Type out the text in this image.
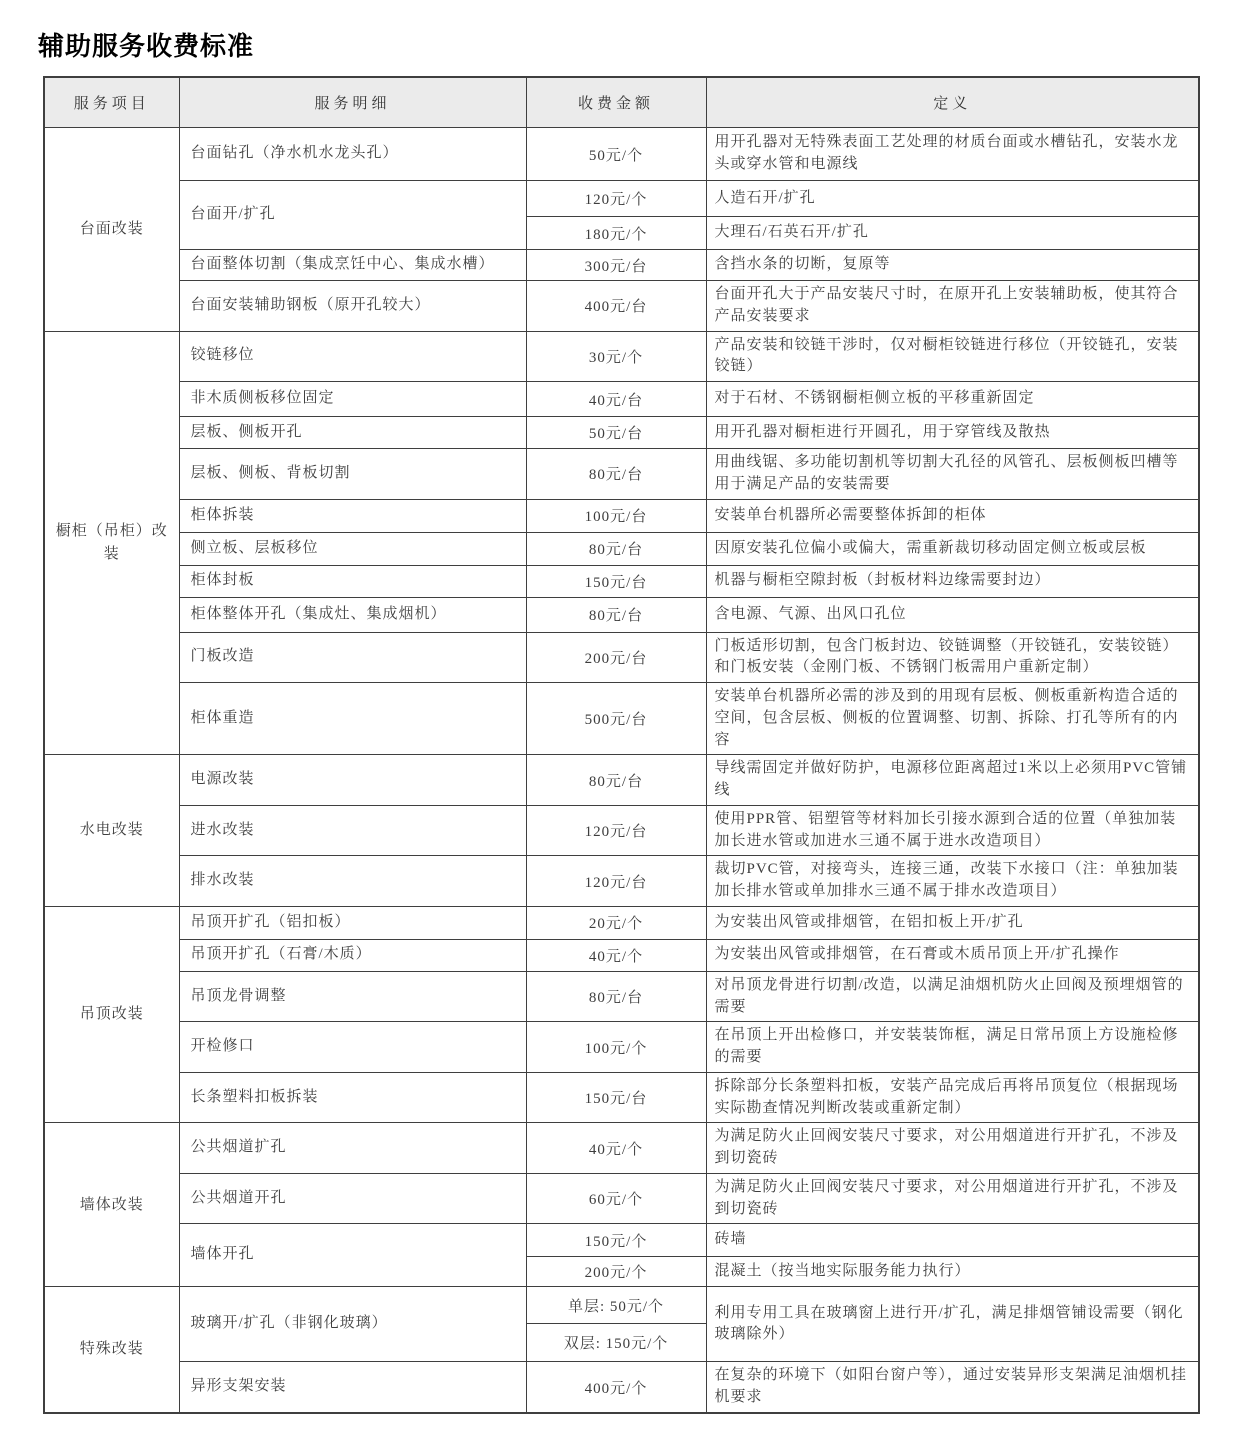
辅助服务收费标准
服务项目	服务明细	收费金额	定义
台面改装	台面钻孔（净水机水龙头孔）	50元/个	用开孔器对无特殊表面工艺处理的材质台面或水槽钻孔，安装水龙头或穿水管和电源线
	台面开/扩孔	120元/个	人造石开/扩孔
		180元/个	大理石/石英石开/扩孔
	台面整体切割（集成烹饪中心、集成水槽）	300元/台	含挡水条的切断，复原等
	台面安装辅助钢板（原开孔较大）	400元/台	台面开孔大于产品安装尺寸时，在原开孔上安装辅助板，使其符合产品安装要求
橱柜（吊柜）改装	铰链移位	30元/个	产品安装和铰链干涉时，仅对橱柜铰链进行移位（开铰链孔，安装铰链）
	非木质侧板移位固定	40元/台	对于石材、不锈钢橱柜侧立板的平移重新固定
	层板、侧板开孔	50元/台	用开孔器对橱柜进行开圆孔，用于穿管线及散热
	层板、侧板、背板切割	80元/台	用曲线锯、多功能切割机等切割大孔径的风管孔、层板侧板凹槽等用于满足产品的安装需要
	柜体拆装	100元/台	安装单台机器所必需要整体拆卸的柜体
	侧立板、层板移位	80元/台	因原安装孔位偏小或偏大，需重新裁切移动固定侧立板或层板
	柜体封板	150元/台	机器与橱柜空隙封板（封板材料边缘需要封边）
	柜体整体开孔（集成灶、集成烟机）	80元/台	含电源、气源、出风口孔位
	门板改造	200元/台	门板适形切割，包含门板封边、铰链调整（开铰链孔，安装铰链）和门板安装（金刚门板、不锈钢门板需用户重新定制）
	柜体重造	500元/台	安装单台机器所必需的涉及到的用现有层板、侧板重新构造合适的空间，包含层板、侧板的位置调整、切割、拆除、打孔等所有的内容
水电改装	电源改装	80元/台	导线需固定并做好防护，电源移位距离超过1米以上必须用PVC管铺线
	进水改装	120元/台	使用PPR管、铝塑管等材料加长引接水源到合适的位置（单独加装加长进水管或加进水三通不属于进水改造项目）
	排水改装	120元/台	裁切PVC管，对接弯头，连接三通，改装下水接口（注：单独加装加长排水管或单加排水三通不属于排水改造项目）
吊顶改装	吊顶开扩孔（铝扣板）	20元/个	为安装出风管或排烟管，在铝扣板上开/扩孔
	吊顶开扩孔（石膏/木质）	40元/个	为安装出风管或排烟管，在石膏或木质吊顶上开/扩孔操作
	吊顶龙骨调整	80元/台	对吊顶龙骨进行切割/改造，以满足油烟机防火止回阀及预埋烟管的需要
	开检修口	100元/个	在吊顶上开出检修口，并安装装饰框，满足日常吊顶上方设施检修的需要
	长条塑料扣板拆装	150元/台	拆除部分长条塑料扣板，安装产品完成后再将吊顶复位（根据现场实际勘查情况判断改装或重新定制）
墙体改装	公共烟道扩孔	40元/个	为满足防火止回阀安装尺寸要求，对公用烟道进行开扩孔，不涉及到切瓷砖
	公共烟道开孔	60元/个	为满足防火止回阀安装尺寸要求，对公用烟道进行开扩孔，不涉及到切瓷砖
	墙体开孔	150元/个	砖墙
		200元/个	混凝土（按当地实际服务能力执行）
特殊改装	玻璃开/扩孔（非钢化玻璃）	单层: 50元/个	利用专用工具在玻璃窗上进行开/扩孔，满足排烟管铺设需要（钢化玻璃除外）
		双层: 150元/个	
	异形支架安装	400元/个	在复杂的环境下（如阳台窗户等），通过安装异形支架满足油烟机挂机要求
